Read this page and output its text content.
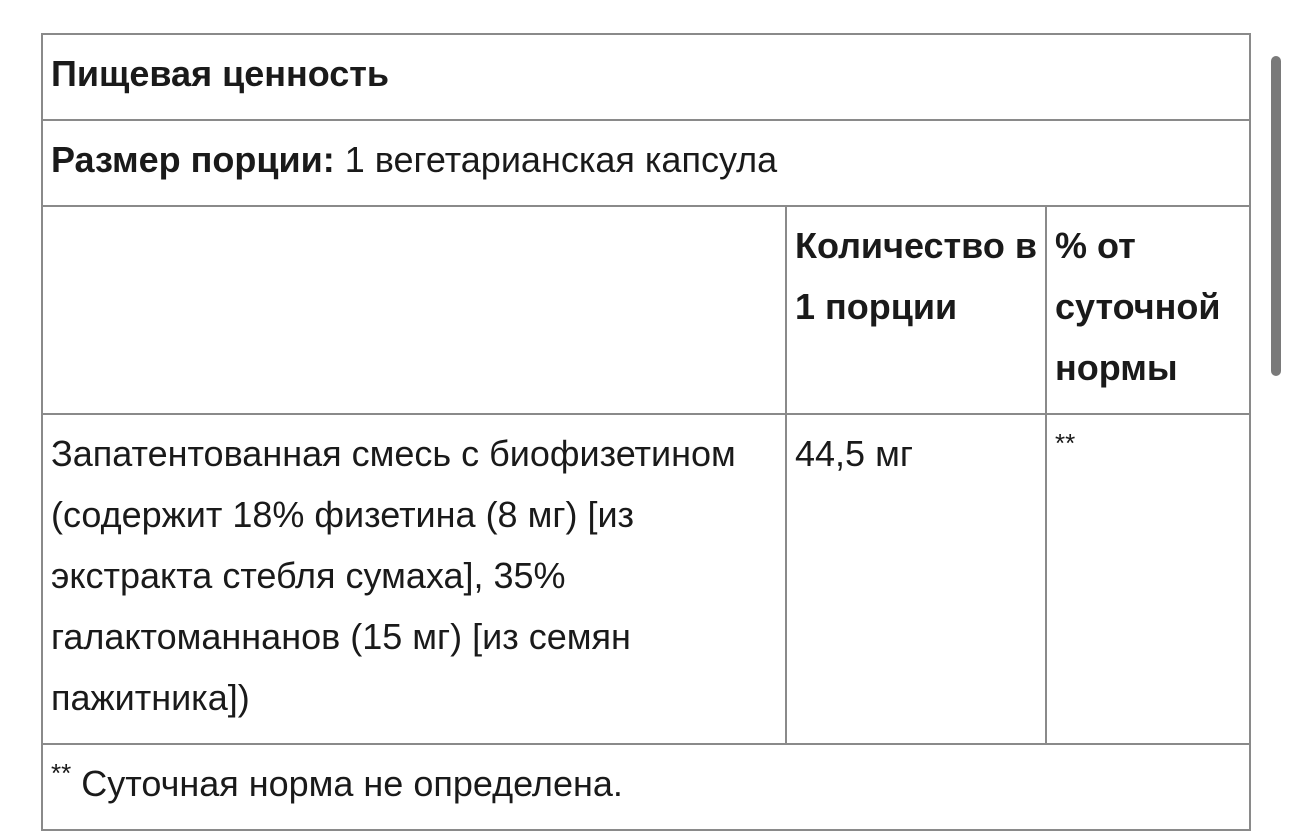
Пищевая ценность		
Размер порции: 1 вегетарианская капсула		
	Количество в 1 порции	% от суточной нормы
Запатентованная смесь с биофизетином (содержит 18% физетина (8 мг) [из экстракта стебля сумаха], 35% галактоманнанов (15 мг) [из семян пажитника])	44,5 мг	**
** Суточная норма не определена.		
